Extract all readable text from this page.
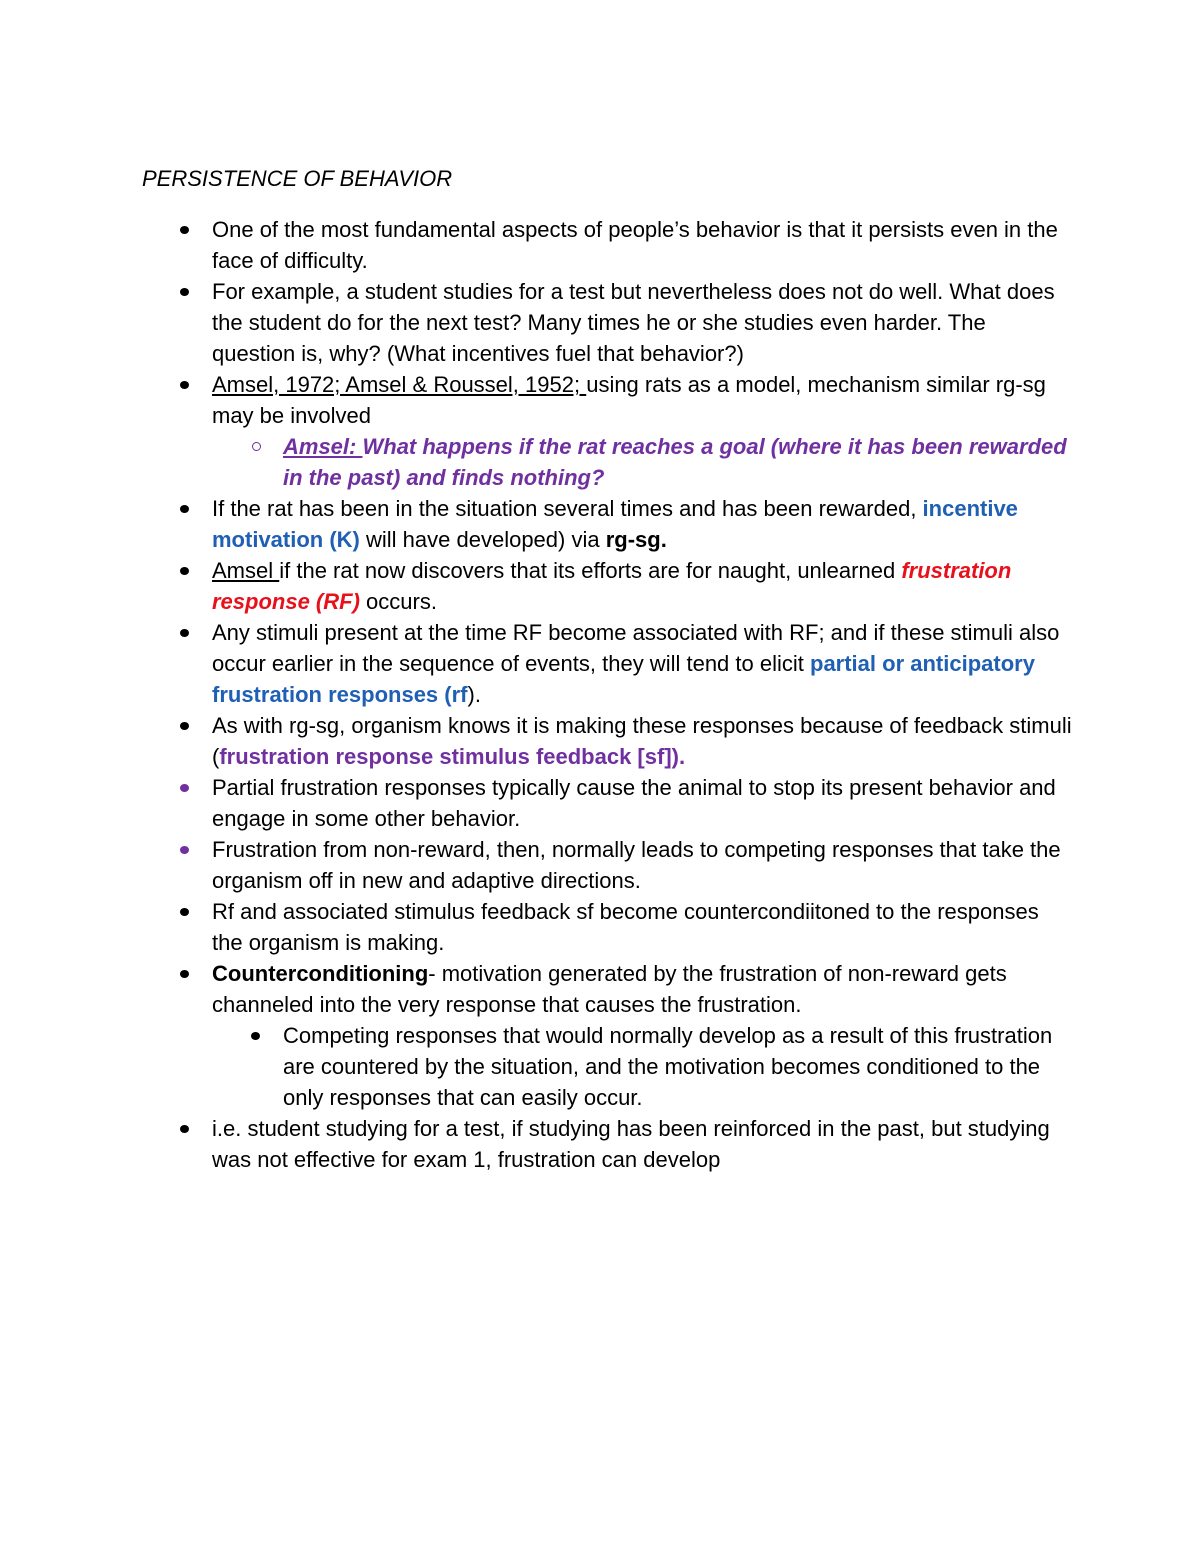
PERSISTENCE OF BEHAVIOR
One of the most fundamental aspects of people’s behavior is that it persists even in the face of difficulty.
For example, a student studies for a test but nevertheless does not do well. What does the student do for the next test? Many times he or she studies even harder. The question is, why? (What incentives fuel that behavior?)
Amsel, 1972; Amsel & Roussel, 1952; using rats as a model, mechanism similar rg-sg may be involved
Amsel: What happens if the rat reaches a goal (where it has been rewarded in the past) and finds nothing?
If the rat has been in the situation several times and has been rewarded, incentive motivation (K) will have developed) via rg-sg.
Amsel if the rat now discovers that its efforts are for naught, unlearned frustration response (RF) occurs.
Any stimuli present at the time RF become associated with RF; and if these stimuli also occur earlier in the sequence of events, they will tend to elicit partial or anticipatory frustration responses (rf).
As with rg-sg, organism knows it is making these responses because of feedback stimuli (frustration response stimulus feedback [sf]).
Partial frustration responses typically cause the animal to stop its present behavior and engage in some other behavior.
Frustration from non-reward, then, normally leads to competing responses that take the organism off in new and adaptive directions.
Rf and associated stimulus feedback sf become countercondiitoned to the responses the organism is making.
Counterconditioning- motivation generated by the frustration of non-reward gets channeled into the very response that causes the frustration.
Competing responses that would normally develop as a result of this frustration are countered by the situation, and the motivation becomes conditioned to the only responses that can easily occur.
i.e. student studying for a test, if studying has been reinforced in the past, but studying was not effective for exam 1, frustration can develop
